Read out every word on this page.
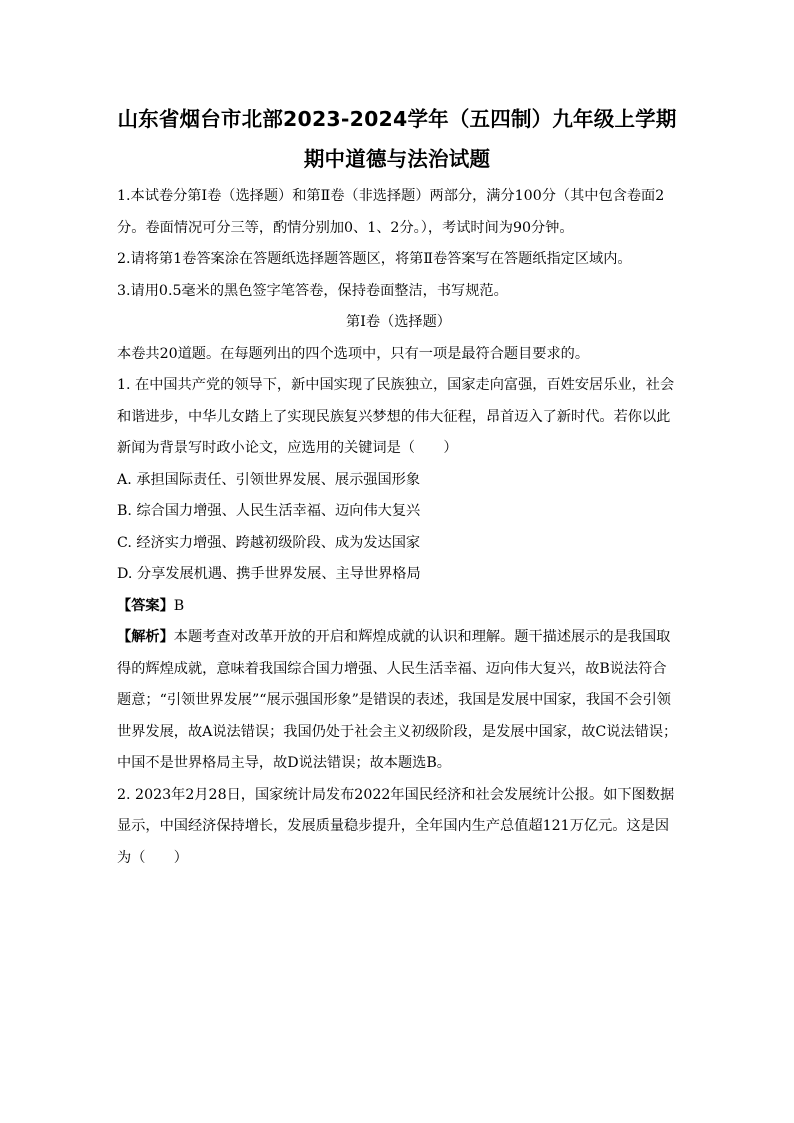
山东省烟台市北部2023-2024学年（五四制）九年级上学期
期中道德与法治试题

1.本试卷分第Ⅰ卷（选择题）和第Ⅱ卷（非选择题）两部分，满分100分（其中包含卷面2分。卷面情况可分三等，酌情分别加0、1、2分。），考试时间为90分钟。

2.请将第1卷答案涂在答题纸选择题答题区，将第Ⅱ卷答案写在答题纸指定区域内。

3.请用0.5毫米的黑色签字笔答卷，保持卷面整洁，书写规范。

第Ⅰ卷（选择题）

本卷共20道题。在每题列出的四个选项中，只有一项是最符合题目要求的。

1. 在中国共产党的领导下，新中国实现了民族独立，国家走向富强，百姓安居乐业，社会和谐进步，中华儿女踏上了实现民族复兴梦想的伟大征程，昂首迈入了新时代。若你以此新闻为背景写时政小论文，应选用的关键词是（　　）

A. 承担国际责任、引领世界发展、展示强国形象

B. 综合国力增强、人民生活幸福、迈向伟大复兴

C. 经济实力增强、跨越初级阶段、成为发达国家

D. 分享发展机遇、携手世界发展、主导世界格局

【答案】B

【解析】本题考查对改革开放的开启和辉煌成就的认识和理解。题干描述展示的是我国取得的辉煌成就，意味着我国综合国力增强、人民生活幸福、迈向伟大复兴，故B说法符合题意；“引领世界发展”“展示强国形象”是错误的表述，我国是发展中国家，我国不会引领世界发展，故A说法错误；我国仍处于社会主义初级阶段，是发展中国家，故C说法错误；中国不是世界格局主导，故D说法错误；故本题选B。

2. 2023年2月28日，国家统计局发布2022年国民经济和社会发展统计公报。如下图数据显示，中国经济保持增长，发展质量稳步提升，全年国内生产总值超121万亿元。这是因为（　　）
